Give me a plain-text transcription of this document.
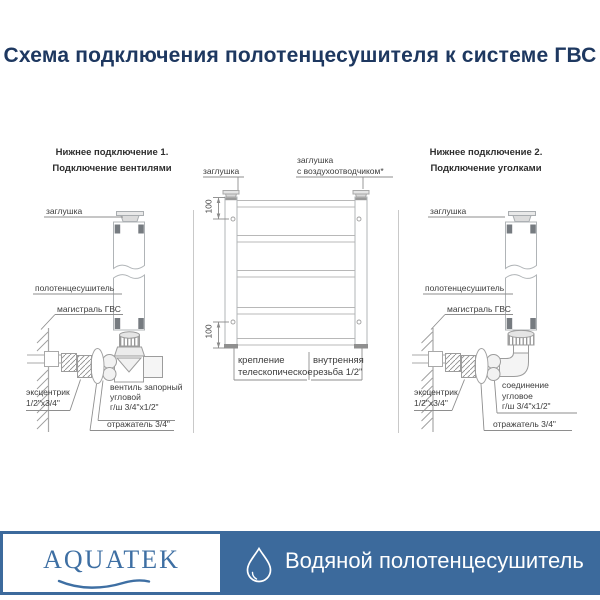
Схема подключения полотенцесушителя к системе ГВС
Нижнее подключение 1.
Подключение вентилями
заглушка
полотенцесушитель
магистраль ГВС
эксцентрик
1/2"x3/4"
вентиль запорный
угловой
г/ш 3/4"x1/2"
отражатель 3/4"
заглушка
заглушка
с воздухоотводчиком*
100
100
крепление
телескопическое
внутренняя
резьба 1/2"
Нижнее подключение 2.
Подключение уголками
заглушка
полотенцесушитель
магистраль ГВС
эксцентрик
1/2"x3/4"
соединение
угловое
г/ш 3/4"x1/2"
отражатель 3/4"
AQUATEK	Водяной полотенцесушитель
